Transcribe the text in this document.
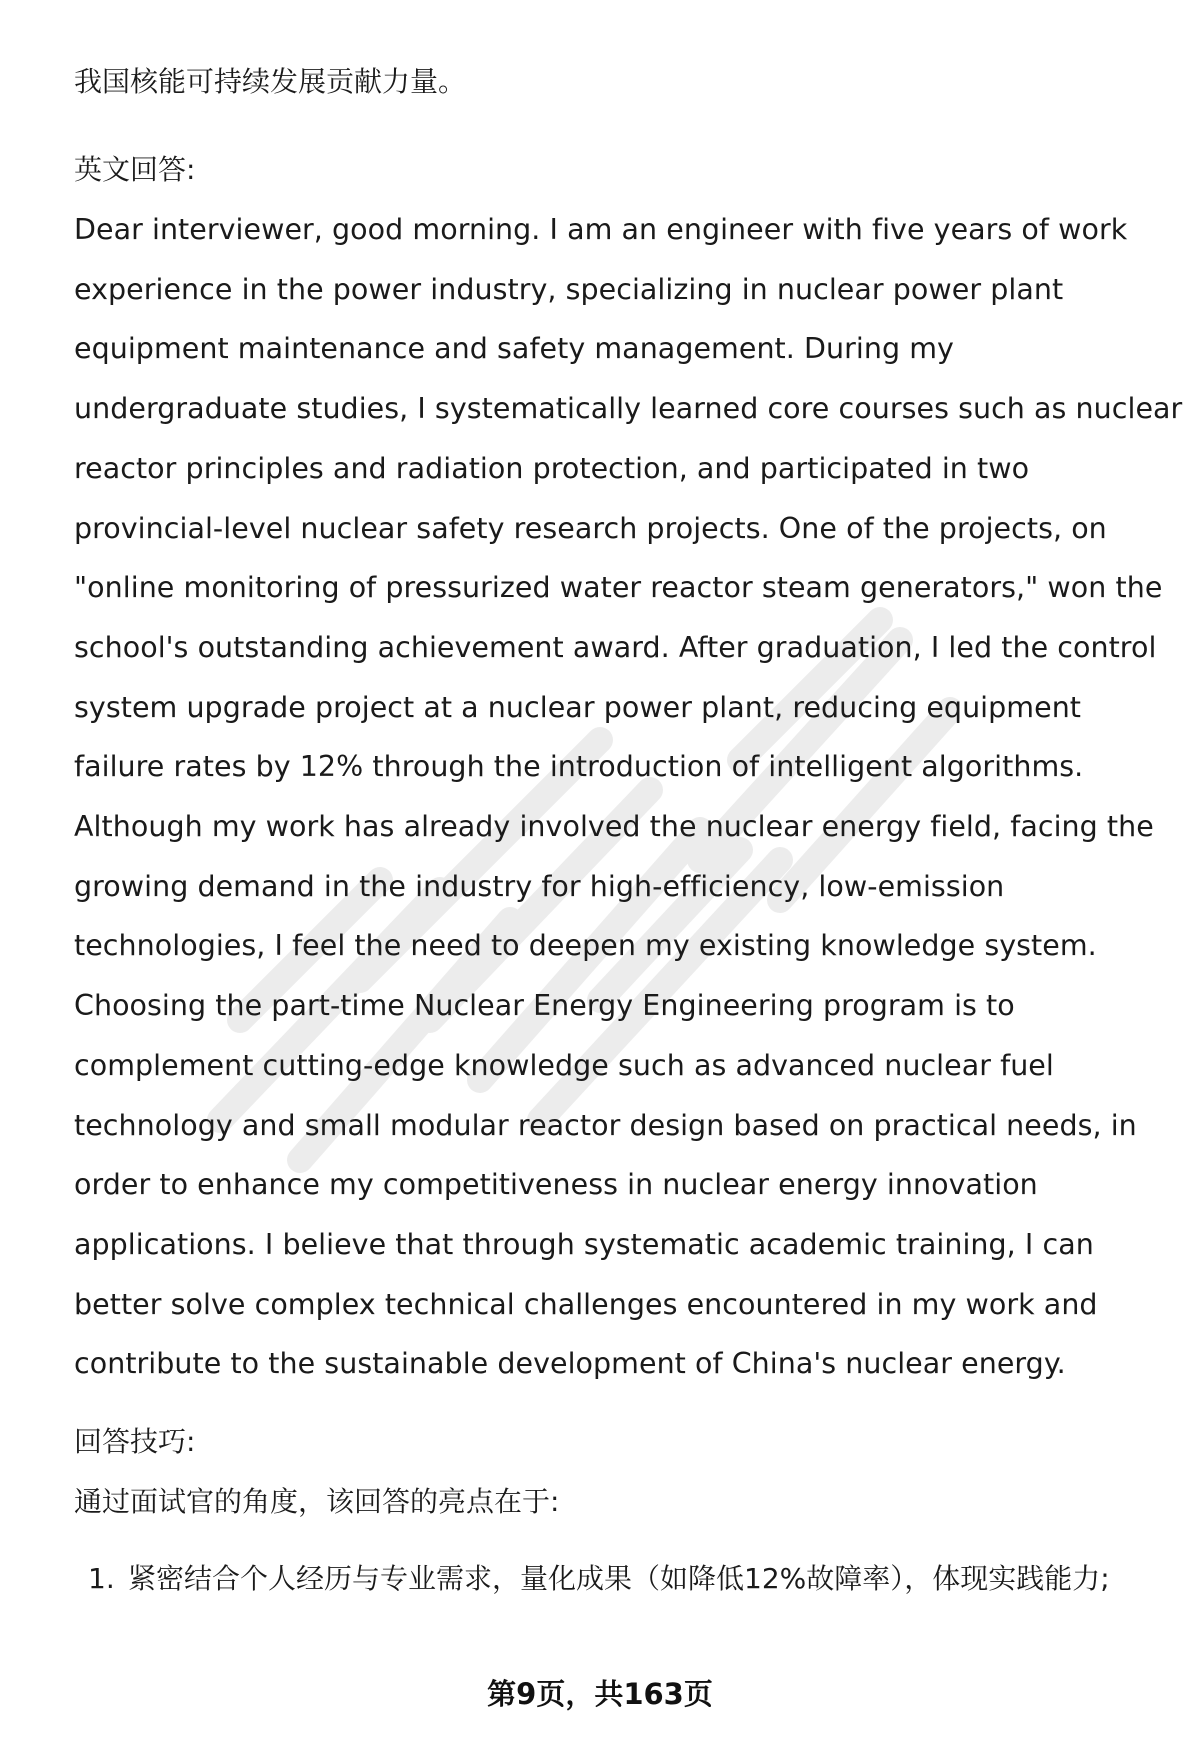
我国核能可持续发展贡献力量。

英文回答:

Dear interviewer, good morning. I am an engineer with five years of work
experience in the power industry, specializing in nuclear power plant
equipment maintenance and safety management. During my
undergraduate studies, I systematically learned core courses such as nuclear
reactor principles and radiation protection, and participated in two
provincial-level nuclear safety research projects. One of the projects, on
"online monitoring of pressurized water reactor steam generators," won the
school's outstanding achievement award. After graduation, I led the control
system upgrade project at a nuclear power plant, reducing equipment
failure rates by 12% through the introduction of intelligent algorithms.
Although my work has already involved the nuclear energy field, facing the
growing demand in the industry for high-efficiency, low-emission
technologies, I feel the need to deepen my existing knowledge system.
Choosing the part-time Nuclear Energy Engineering program is to
complement cutting-edge knowledge such as advanced nuclear fuel
technology and small modular reactor design based on practical needs, in
order to enhance my competitiveness in nuclear energy innovation
applications. I believe that through systematic academic training, I can
better solve complex technical challenges encountered in my work and
contribute to the sustainable development of China's nuclear energy.

回答技巧:

通过面试官的角度，该回答的亮点在于:

1. 紧密结合个人经历与专业需求，量化成果（如降低12%故障率），体现实践能力;
第9页，共163页
